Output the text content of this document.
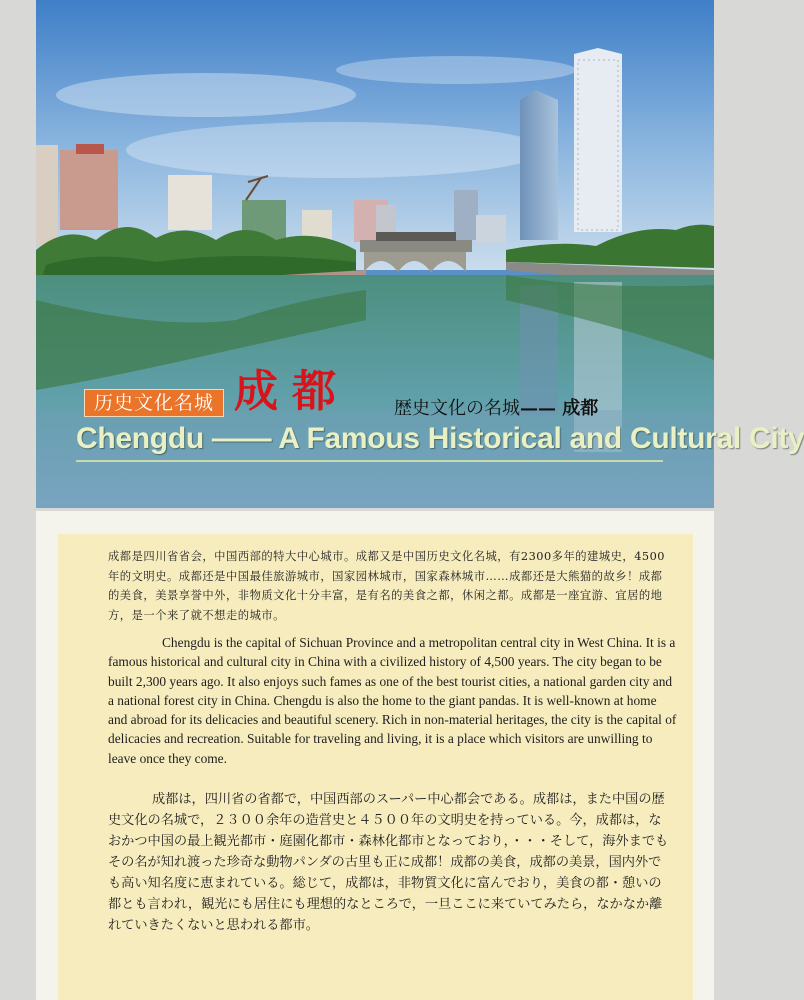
历史文化名城 成都 歴史文化の名城—— 成都
Chengdu —— A Famous Historical and Cultural City

成都是四川省省会，中国西部的特大中心城市。成都又是中国历史文化名城，有2300多年的建城史，4500年的文明史。成都还是中国最佳旅游城市，国家园林城市，国家森林城市……成都还是大熊猫的故乡！成都的美食，美景享誉中外，非物质文化十分丰富，是有名的美食之都，休闲之都。成都是一座宜游、宜居的地方，是一个来了就不想走的城市。

Chengdu is the capital of Sichuan Province and a metropolitan central city in West China. It is a famous historical and cultural city in China with a civilized history of 4,500 years. The city began to be built 2,300 years ago. It also enjoys such fames as one of the best tourist cities, a national garden city and a national forest city in China. Chengdu is also the home to the giant pandas. It is well-known at home and abroad for its delicacies and beautiful scenery. Rich in non-material heritages, the city is the capital of delicacies and recreation. Suitable for traveling and living, it is a place which visitors are unwilling to leave once they come.

成都は，四川省の省都で，中国西部のスーパー中心都会である。成都は，また中国の歴史文化の名城で，２３００余年の造営史と４５００年の文明史を持っている。今，成都は，なおかつ中国の最上観光都市・庭園化都市・森林化都市となっており，・・・そして，海外までもその名が知れ渡った珍奇な動物パンダの古里も正に成都！成都の美食，成都の美景，国内外でも高い知名度に恵まれている。総じて，成都は，非物質文化に富んでおり，美食の都・憩いの都とも言われ，観光にも居住にも理想的なところで，一旦ここに来ていてみたら，なかなか離れていきたくないと思われる都市。
